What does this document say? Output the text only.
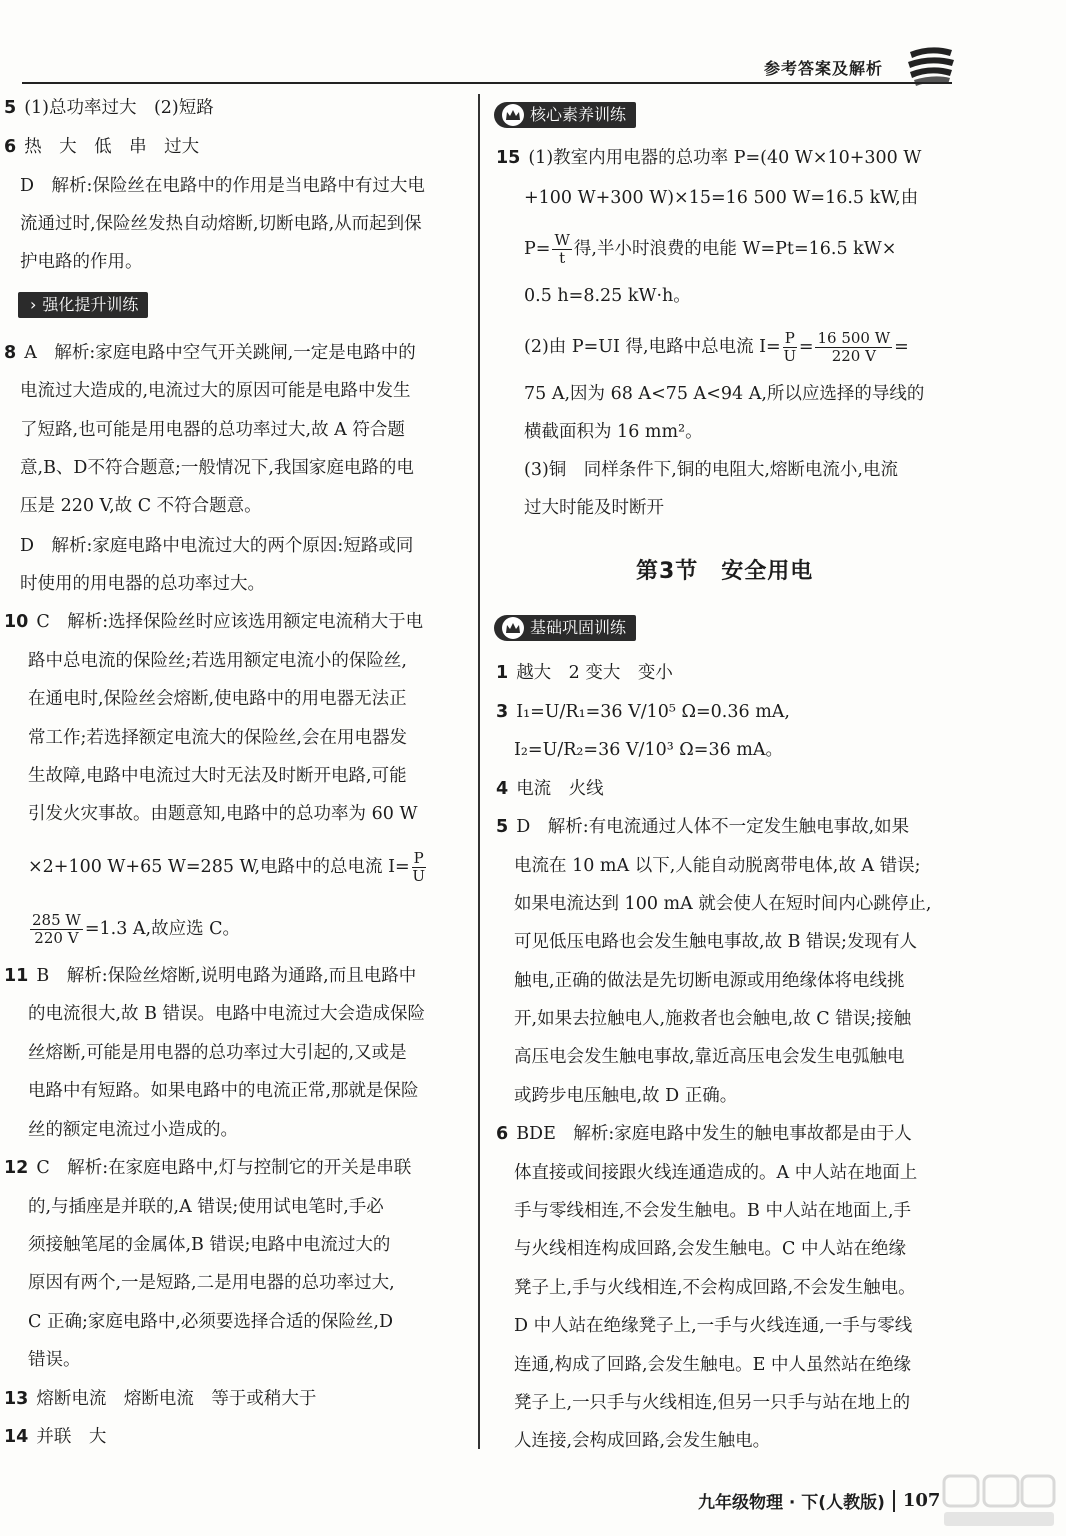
参考答案及解析
5 (1)总功率过大　(2)短路
6 热　大　低　串　过大
D　解析:保险丝在电路中的作用是当电路中有过大电
流通过时,保险丝发热自动熔断,切断电路,从而起到保
护电路的作用。
› 强化提升训练
8 A　解析:家庭电路中空气开关跳闸,一定是电路中的
电流过大造成的,电流过大的原因可能是电路中发生
了短路,也可能是用电器的总功率过大,故 A 符合题
意,B、D不符合题意;一般情况下,我国家庭电路的电
压是 220 V,故 C 不符合题意。
D　解析:家庭电路中电流过大的两个原因:短路或同
时使用的用电器的总功率过大。
10 C　解析:选择保险丝时应该选用额定电流稍大于电
路中总电流的保险丝;若选用额定电流小的保险丝,
在通电时,保险丝会熔断,使电路中的用电器无法正
常工作;若选择额定电流大的保险丝,会在用电器发
生故障,电路中电流过大时无法及时断开电路,可能
引发火灾事故。由题意知,电路中的总功率为 60 W
×2+100 W+65 W=285 W,电路中的总电流 $I= \frac{P}{U}$
$\frac{285 W}{220 V} =1.3$ A,故应选 C。
11 B　解析:保险丝熔断,说明电路为通路,而且电路中
的电流很大,故 B 错误。电路中电流过大会造成保险
丝熔断,可能是用电器的总功率过大引起的,又或是
电路中有短路。如果电路中的电流正常,那就是保险
丝的额定电流过小造成的。
12 C　解析:在家庭电路中,灯与控制它的开关是串联
的,与插座是并联的,A 错误;使用试电笔时,手必
须接触笔尾的金属体,B 错误;电路中电流过大的
原因有两个,一是短路,二是用电器的总功率过大,
C 正确;家庭电路中,必须要选择合适的保险丝,D
错误。
13 熔断电流　熔断电流　等于或稍大于
14 并联　大
核心素养训练
15 (1)教室内用电器的总功率 P=(40 W×10+300 W
+100 W+300 W)×15=16 500 W=16.5 kW,由
$P= \frac{W}{t}$ 得,半小时浪费的电能 W=Pt=16.5 kW×
0.5 h=8.25 kW·h。
(2)由 P=UI 得,电路中总电流 $I= \frac{P}{U} = \frac{16 500 W}{220 V}$ =
75 A,因为 68 A<75 A<94 A,所以应选择的导线的
横截面积为 16 mm²。
(3)铜　同样条件下,铜的电阻大,熔断电流小,电流
过大时能及时断开
第3节　安全用电
基础巩固训练
1 越大　2 变大　变小
3 I₁=U/R₁=36 V/10⁵ Ω=0.36 mA,
I₂=U/R₂=36 V/10³ Ω=36 mA。
4 电流　火线
5 D　解析:有电流通过人体不一定发生触电事故,如果
电流在 10 mA 以下,人能自动脱离带电体,故 A 错误;
如果电流达到 100 mA 就会使人在短时间内心跳停止,
可见低压电路也会发生触电事故,故 B 错误;发现有人
触电,正确的做法是先切断电源或用绝缘体将电线挑
开,如果去拉触电人,施救者也会触电,故 C 错误;接触
高压电会发生触电事故,靠近高压电会发生电弧触电
或跨步电压触电,故 D 正确。
6 BDE　解析:家庭电路中发生的触电事故都是由于人
体直接或间接跟火线连通造成的。A 中人站在地面上
手与零线相连,不会发生触电。B 中人站在地面上,手
与火线相连构成回路,会发生触电。C 中人站在绝缘
凳子上,手与火线相连,不会构成回路,不会发生触电。
D 中人站在绝缘凳子上,一手与火线连通,一手与零线
连通,构成了回路,会发生触电。E 中人虽然站在绝缘
凳子上,一只手与火线相连,但另一只手与站在地上的
人连接,会构成回路,会发生触电。
九年级物理 · 下(人教版) 107
